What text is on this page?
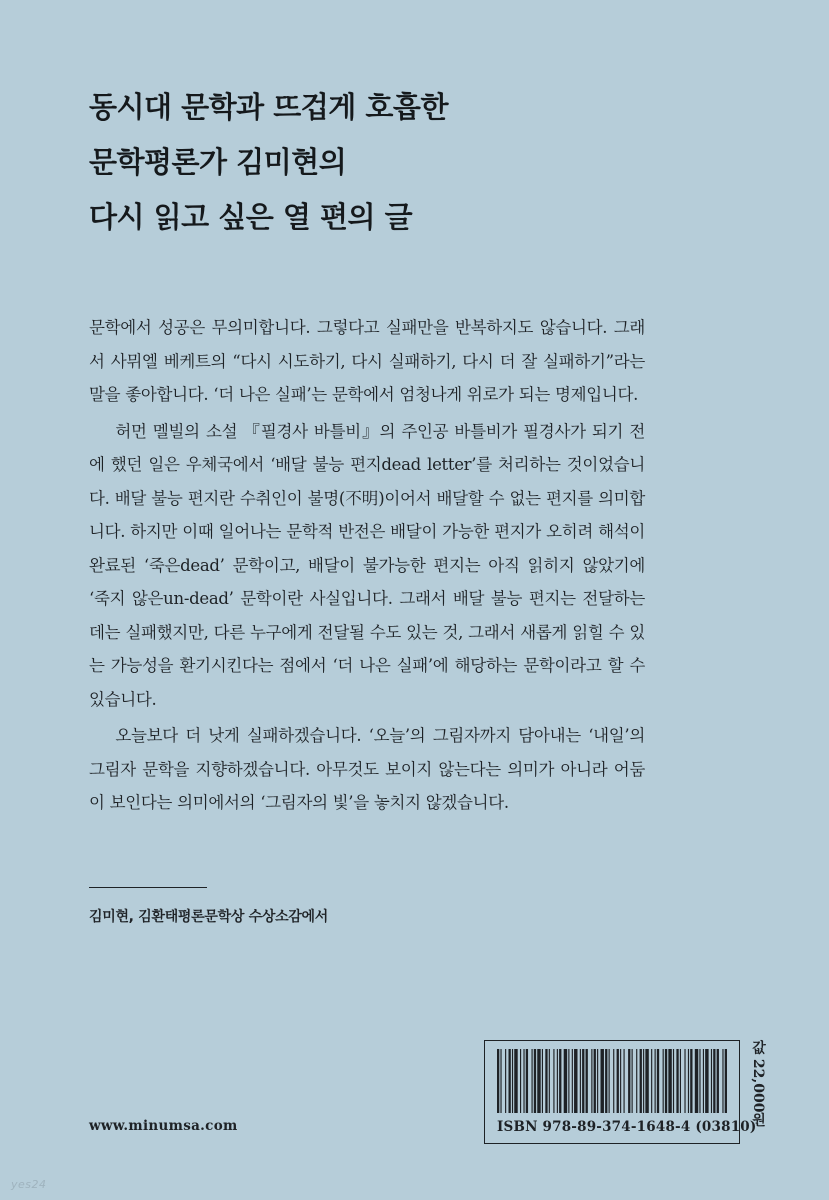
동시대 문학과 뜨겁게 호흡한
문학평론가 김미현의
다시 읽고 싶은 열 편의 글

문학에서 성공은 무의미합니다. 그렇다고 실패만을 반복하지도 않습니다. 그래서 사뮈엘 베케트의 “다시 시도하기, 다시 실패하기, 다시 더 잘 실패하기”라는 말을 좋아합니다. ‘더 나은 실패’는 문학에서 엄청나게 위로가 되는 명제입니다.

허먼 멜빌의 소설 『필경사 바틀비』의 주인공 바틀비가 필경사가 되기 전에 했던 일은 우체국에서 ‘배달 불능 편지dead letter’를 처리하는 것이었습니다. 배달 불능 편지란 수취인이 불명(不明)이어서 배달할 수 없는 편지를 의미합니다. 하지만 이때 일어나는 문학적 반전은 배달이 가능한 편지가 오히려 해석이 완료된 ‘죽은dead’ 문학이고, 배달이 불가능한 편지는 아직 읽히지 않았기에 ‘죽지 않은un-dead’ 문학이란 사실입니다. 그래서 배달 불능 편지는 전달하는 데는 실패했지만, 다른 누구에게 전달될 수도 있는 것, 그래서 새롭게 읽힐 수 있는 가능성을 환기시킨다는 점에서 ‘더 나은 실패’에 해당하는 문학이라고 할 수 있습니다.

오늘보다 더 낫게 실패하겠습니다. ‘오늘’의 그림자까지 담아내는 ‘내일’의 그림자 문학을 지향하겠습니다. 아무것도 보이지 않는다는 의미가 아니라 어둠이 보인다는 의미에서의 ‘그림자의 빛’을 놓치지 않겠습니다.

김미현, 김환태평론문학상 수상소감에서
www.minumsa.com	ISBN 978-89-374-1648-4 (03810)
값 22,000원
yes24
